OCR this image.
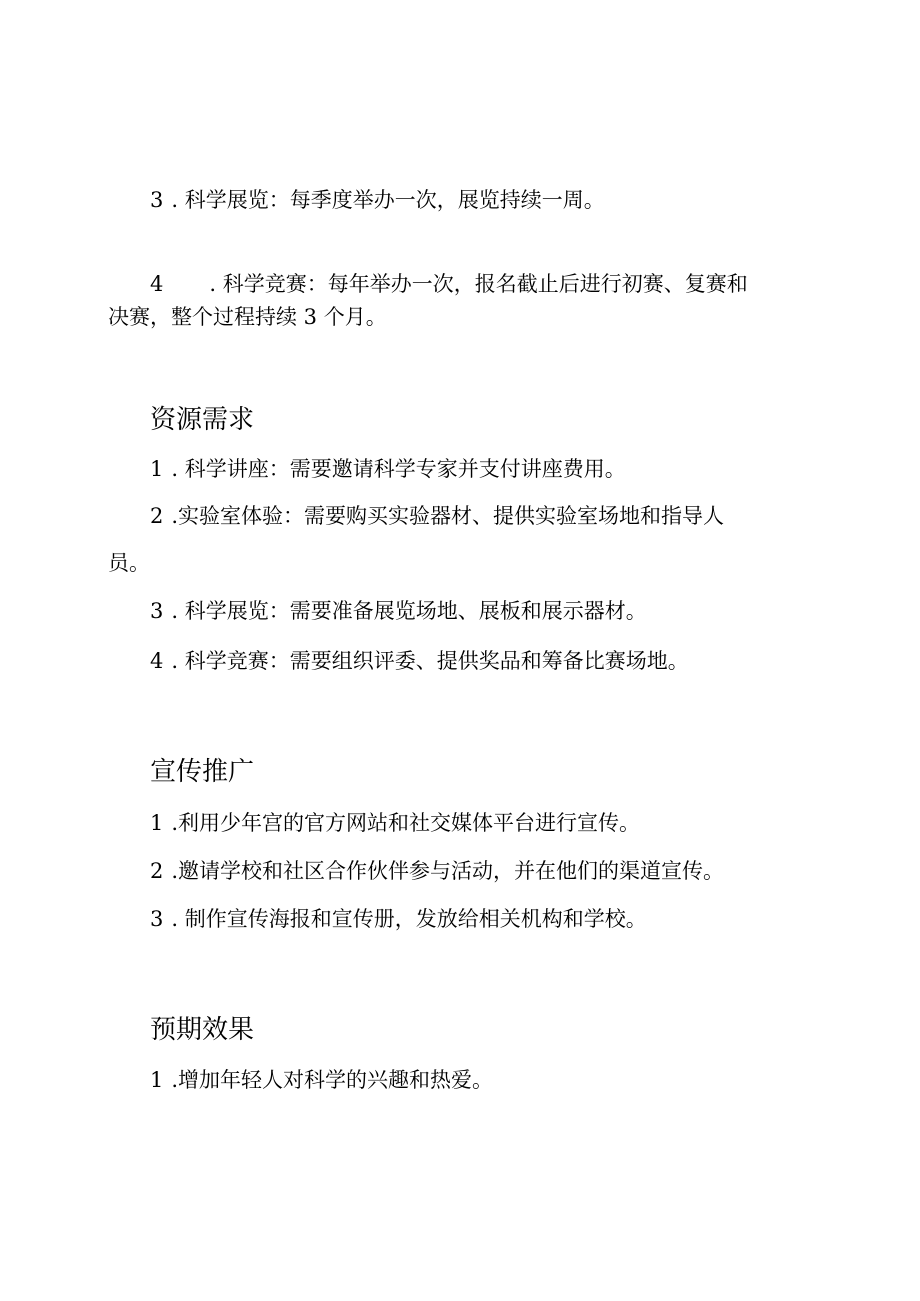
3 . 科学展览：每季度举办一次，展览持续一周。
4 . 科学竞赛：每年举办一次，报名截止后进行初赛、复赛和
决赛，整个过程持续 3 个月。
资源需求
1 . 科学讲座：需要邀请科学专家并支付讲座费用。
2 .实验室体验：需要购买实验器材、提供实验室场地和指导人
员。
3 . 科学展览：需要准备展览场地、展板和展示器材。
4 . 科学竞赛：需要组织评委、提供奖品和筹备比赛场地。
宣传推广
1 .利用少年宫的官方网站和社交媒体平台进行宣传。
2 .邀请学校和社区合作伙伴参与活动，并在他们的渠道宣传。
3 . 制作宣传海报和宣传册，发放给相关机构和学校。
预期效果
1 .增加年轻人对科学的兴趣和热爱。
